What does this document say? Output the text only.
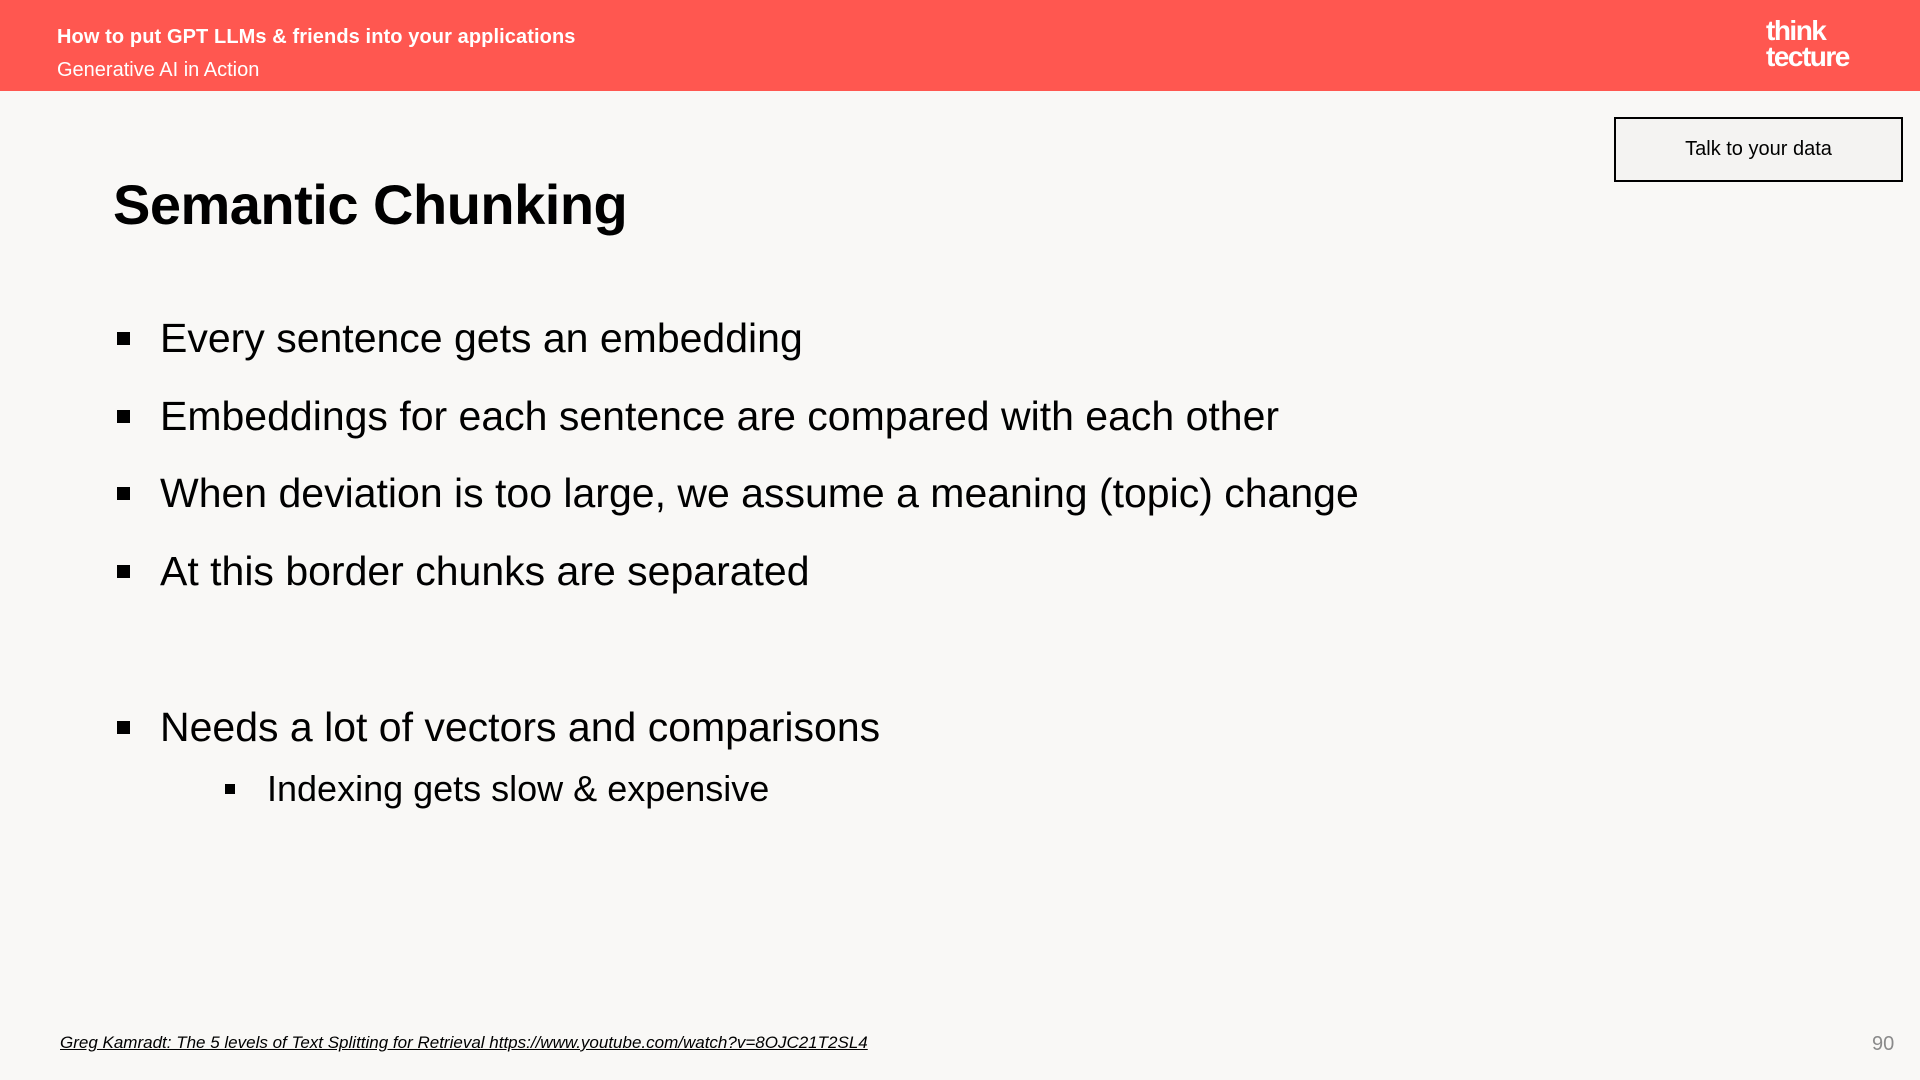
How to put GPT LLMs & friends into your applications
Generative AI in Action
think
tecture
Talk to your data
Semantic Chunking
Every sentence gets an embedding
Embeddings for each sentence are compared with each other
When deviation is too large, we assume a meaning (topic) change
At this border chunks are separated
Needs a lot of vectors and comparisons
Indexing gets slow & expensive
Greg Kamradt: The 5 levels of Text Splitting for Retrieval https://www.youtube.com/watch?v=8OJC21T2SL4	90
